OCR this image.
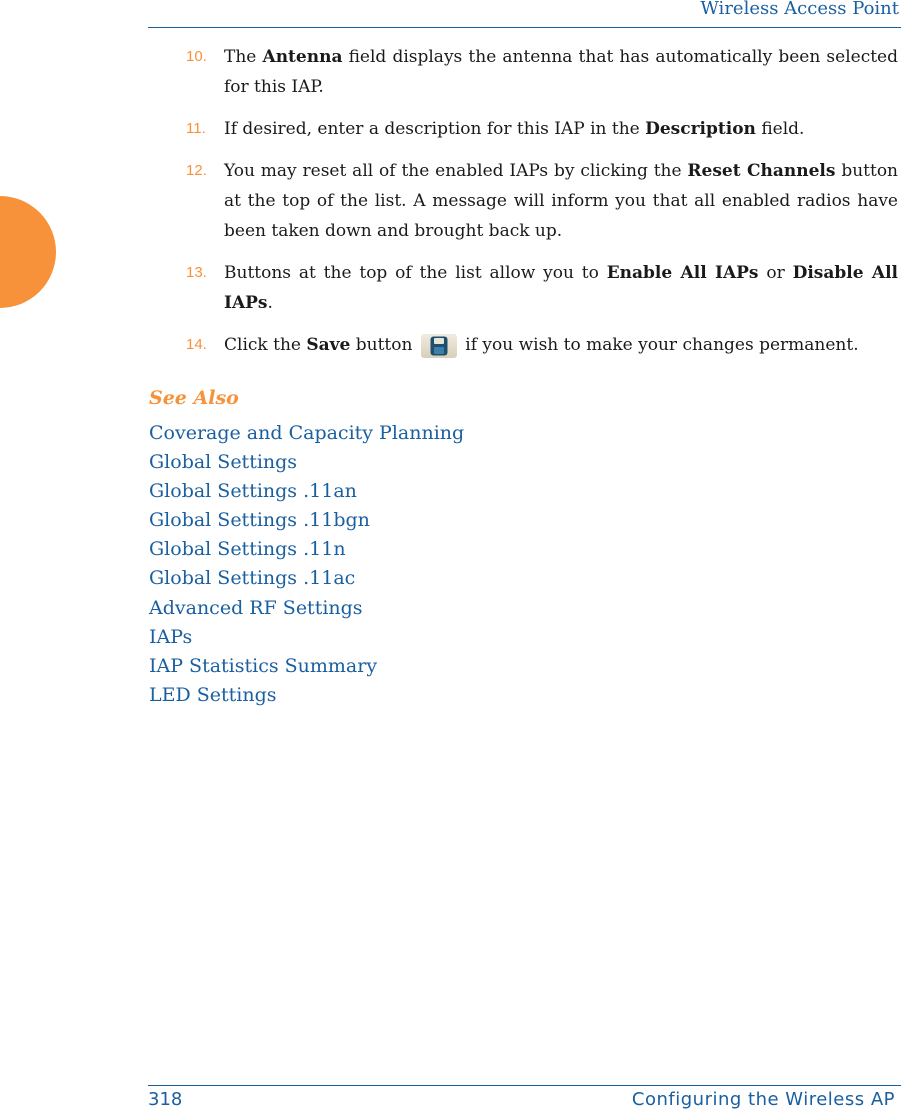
Wireless Access Point
10. The Antenna field displays the antenna that has automatically been selected for this IAP.
11. If desired, enter a description for this IAP in the Description field.
12. You may reset all of the enabled IAPs by clicking the Reset Channels button at the top of the list. A message will inform you that all enabled radios have been taken down and brought back up.
13. Buttons at the top of the list allow you to Enable All IAPs or Disable All IAPs.
14. Click the Save button	if you wish to make your changes permanent.
See Also
Coverage and Capacity Planning
Global Settings
Global Settings .11an
Global Settings .11bgn
Global Settings .11n
Global Settings .11ac
Advanced RF Settings
IAPs
IAP Statistics Summary
LED Settings
318	Configuring the Wireless AP
